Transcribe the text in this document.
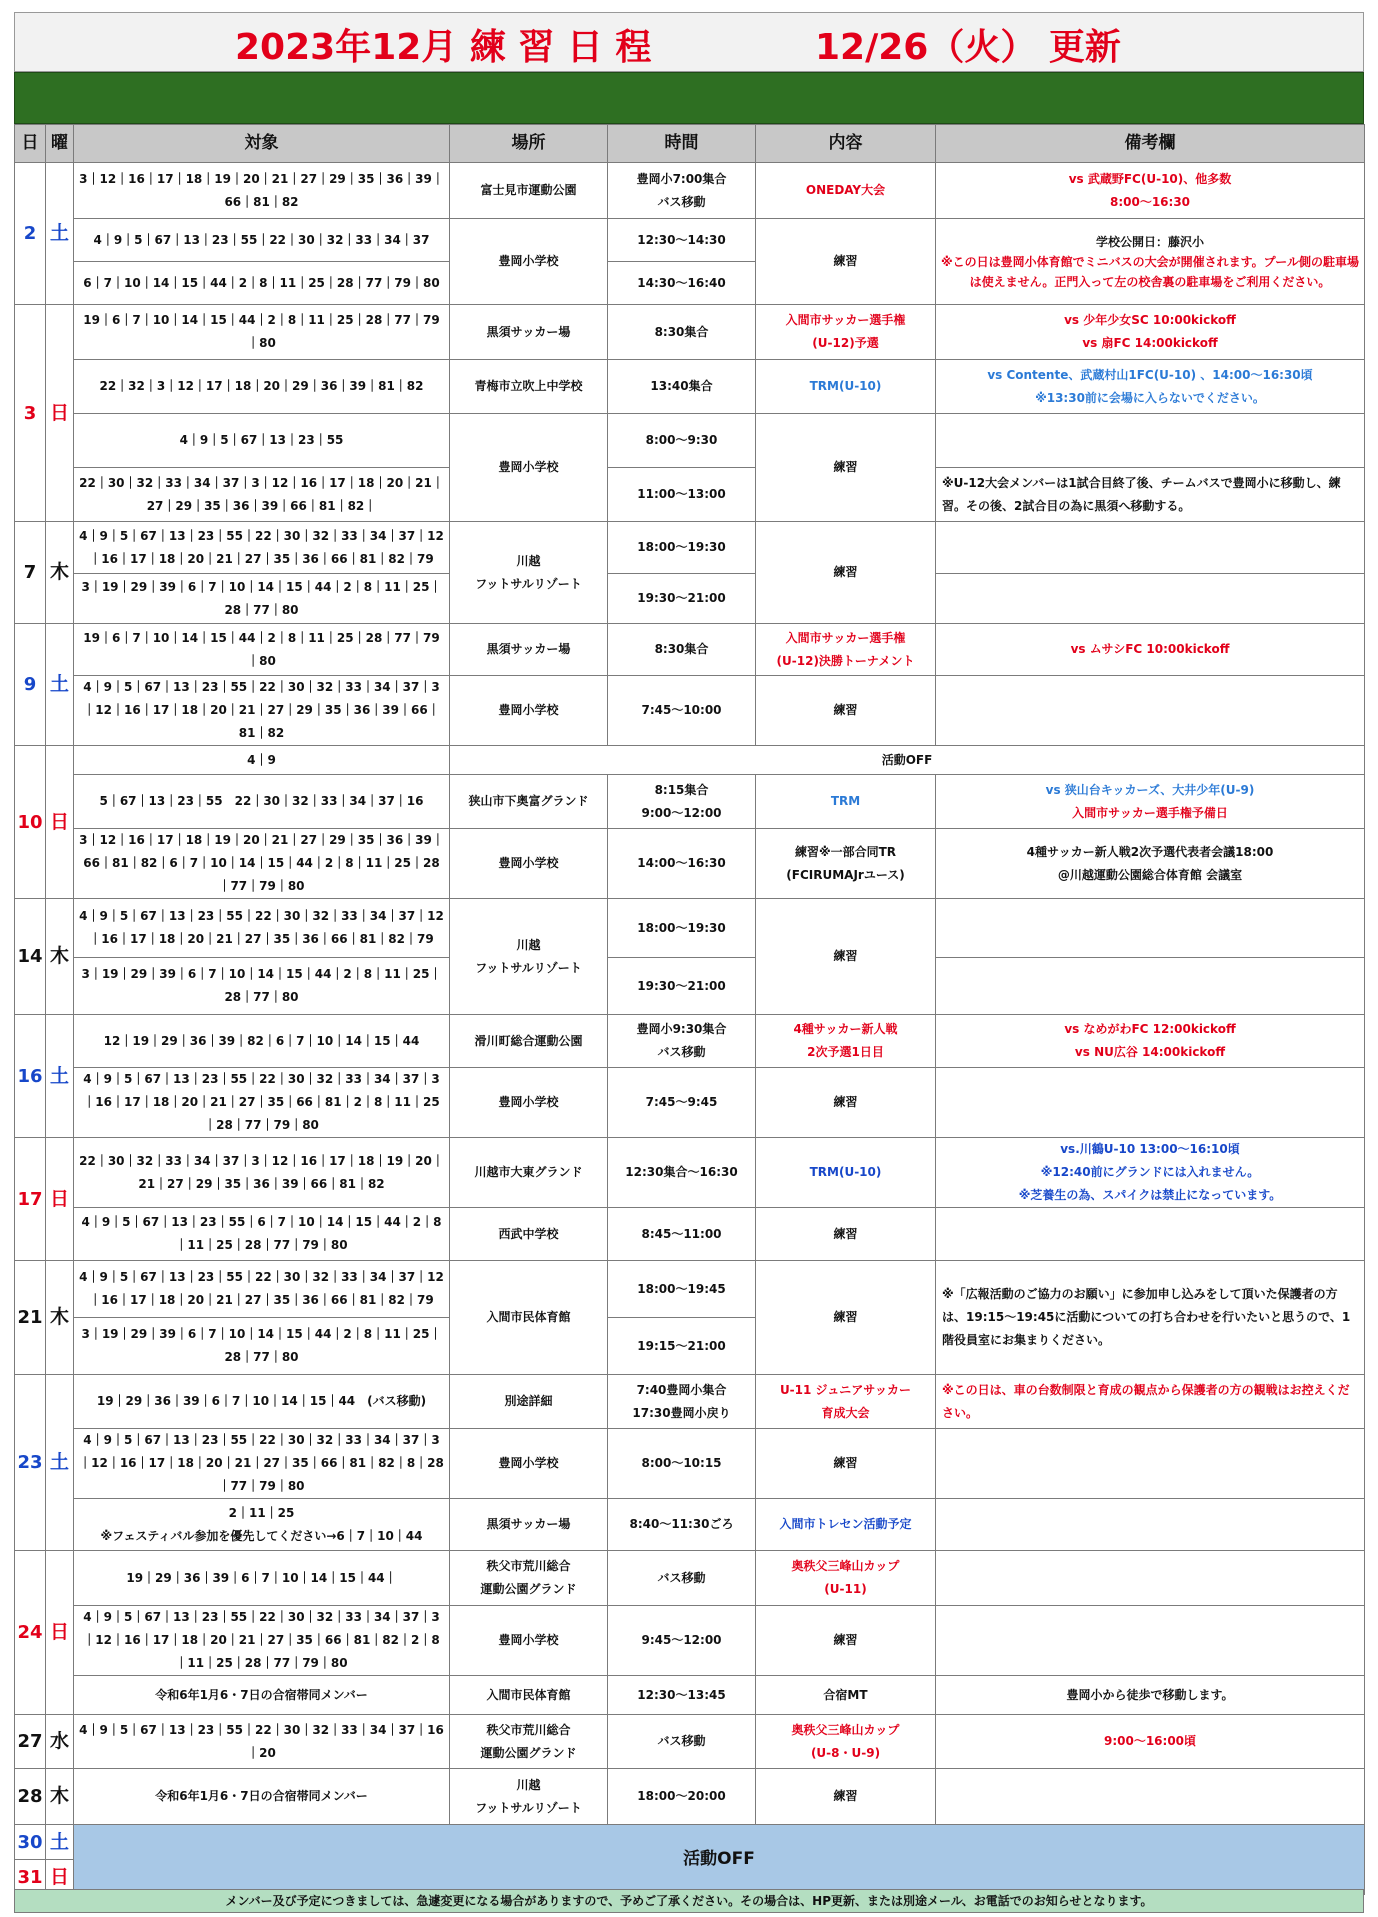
2023年12月 練 習 日 程	12/26（火） 更新
日	曜	対象	場所	時間	内容	備考欄
2	土	3｜12｜16｜17｜18｜19｜20｜21｜27｜29｜35｜36｜39｜
66｜81｜82	富士見市運動公園	豊岡小7:00集合
バス移動	ONEDAY大会	vs 武蔵野FC(U-10)、他多数
8:00〜16:30
		4｜9｜5｜67｜13｜23｜55｜22｜30｜32｜33｜34｜37	豊岡小学校	12:30〜14:30	練習	学校公開日：藤沢小
※この日は豊岡小体育館でミニバスの大会が開催されます。プール側の駐車場は使えません。正門入って左の校舎裏の駐車場をご利用ください。
		6｜7｜10｜14｜15｜44｜2｜8｜11｜25｜28｜77｜79｜80		14:30〜16:40		
3	日	19｜6｜7｜10｜14｜15｜44｜2｜8｜11｜25｜28｜77｜79
｜80	黒須サッカー場	8:30集合	入間市サッカー選手権
(U-12)予選	vs 少年少女SC 10:00kickoff
vs 扇FC 14:00kickoff
		22｜32｜3｜12｜17｜18｜20｜29｜36｜39｜81｜82	青梅市立吹上中学校	13:40集合	TRM(U-10)	vs Contente、武蔵村山1FC(U-10) 、14:00〜16:30頃
※13:30前に会場に入らないでください。
		4｜9｜5｜67｜13｜23｜55	豊岡小学校	8:00〜9:30	練習	
		22｜30｜32｜33｜34｜37｜3｜12｜16｜17｜18｜20｜21｜
27｜29｜35｜36｜39｜66｜81｜82｜		11:00〜13:00		※U-12大会メンバーは1試合目終了後、チームバスで豊岡小に移動し、練習。その後、2試合目の為に黒須へ移動する。
7	木	4｜9｜5｜67｜13｜23｜55｜22｜30｜32｜33｜34｜37｜12
｜16｜17｜18｜20｜21｜27｜35｜36｜66｜81｜82｜79	川越
フットサルリゾート	18:00〜19:30	練習	
		3｜19｜29｜39｜6｜7｜10｜14｜15｜44｜2｜8｜11｜25｜
28｜77｜80		19:30〜21:00		
9	土	19｜6｜7｜10｜14｜15｜44｜2｜8｜11｜25｜28｜77｜79
｜80	黒須サッカー場	8:30集合	入間市サッカー選手権
(U-12)決勝トーナメント	vs ムサシFC 10:00kickoff
		4｜9｜5｜67｜13｜23｜55｜22｜30｜32｜33｜34｜37｜3
｜12｜16｜17｜18｜20｜21｜27｜29｜35｜36｜39｜66｜
81｜82	豊岡小学校	7:45〜10:00	練習	
10	日	4｜9	活動OFF			
		5｜67｜13｜23｜55　22｜30｜32｜33｜34｜37｜16	狭山市下奥富グランド	8:15集合
9:00〜12:00	TRM	vs 狭山台キッカーズ、大井少年(U-9)
入間市サッカー選手権予備日
		3｜12｜16｜17｜18｜19｜20｜21｜27｜29｜35｜36｜39｜
66｜81｜82｜6｜7｜10｜14｜15｜44｜2｜8｜11｜25｜28
｜77｜79｜80	豊岡小学校	14:00〜16:30	練習※一部合同TR
(FCIRUMAJrユース)	4種サッカー新人戦2次予選代表者会議18:00
@川越運動公園総合体育館 会議室
14	木	4｜9｜5｜67｜13｜23｜55｜22｜30｜32｜33｜34｜37｜12
｜16｜17｜18｜20｜21｜27｜35｜36｜66｜81｜82｜79	川越
フットサルリゾート	18:00〜19:30	練習	
		3｜19｜29｜39｜6｜7｜10｜14｜15｜44｜2｜8｜11｜25｜
28｜77｜80		19:30〜21:00		
16	土	12｜19｜29｜36｜39｜82｜6｜7｜10｜14｜15｜44	滑川町総合運動公園	豊岡小9:30集合
バス移動	4種サッカー新人戦
2次予選1日目	vs なめがわFC 12:00kickoff
vs NU広谷 14:00kickoff
		4｜9｜5｜67｜13｜23｜55｜22｜30｜32｜33｜34｜37｜3
｜16｜17｜18｜20｜21｜27｜35｜66｜81｜2｜8｜11｜25
｜28｜77｜79｜80	豊岡小学校	7:45〜9:45	練習	
17	日	22｜30｜32｜33｜34｜37｜3｜12｜16｜17｜18｜19｜20｜
21｜27｜29｜35｜36｜39｜66｜81｜82	川越市大東グランド	12:30集合〜16:30	TRM(U-10)	vs.川鶴U-10 13:00〜16:10頃
※12:40前にグランドには入れません。
※芝養生の為、スパイクは禁止になっています。
		4｜9｜5｜67｜13｜23｜55｜6｜7｜10｜14｜15｜44｜2｜8
｜11｜25｜28｜77｜79｜80	西武中学校	8:45〜11:00	練習	
21	木	4｜9｜5｜67｜13｜23｜55｜22｜30｜32｜33｜34｜37｜12
｜16｜17｜18｜20｜21｜27｜35｜36｜66｜81｜82｜79	入間市民体育館	18:00〜19:45	練習	※「広報活動のご協力のお願い」に参加申し込みをして頂いた保護者の方は、19:15〜19:45に活動についての打ち合わせを行いたいと思うので、1階役員室にお集まりください。
		3｜19｜29｜39｜6｜7｜10｜14｜15｜44｜2｜8｜11｜25｜
28｜77｜80		19:15〜21:00		
23	土	19｜29｜36｜39｜6｜7｜10｜14｜15｜44　(バス移動)	別途詳細	7:40豊岡小集合
17:30豊岡小戻り	U-11 ジュニアサッカー
育成大会	※この日は、車の台数制限と育成の観点から保護者の方の観戦はお控えください。
		4｜9｜5｜67｜13｜23｜55｜22｜30｜32｜33｜34｜37｜3
｜12｜16｜17｜18｜20｜21｜27｜35｜66｜81｜82｜8｜28
｜77｜79｜80	豊岡小学校	8:00〜10:15	練習	
		2｜11｜25
※フェスティバル参加を優先してください→6｜7｜10｜44	黒須サッカー場	8:40〜11:30ごろ	入間市トレセン活動予定	
24	日	19｜29｜36｜39｜6｜7｜10｜14｜15｜44｜	秩父市荒川総合
運動公園グランド	バス移動	奥秩父三峰山カップ
(U-11)	
		4｜9｜5｜67｜13｜23｜55｜22｜30｜32｜33｜34｜37｜3
｜12｜16｜17｜18｜20｜21｜27｜35｜66｜81｜82｜2｜8
｜11｜25｜28｜77｜79｜80	豊岡小学校	9:45〜12:00	練習	
		令和6年1月6・7日の合宿帯同メンバー	入間市民体育館	12:30〜13:45	合宿MT	豊岡小から徒歩で移動します。
27	水	4｜9｜5｜67｜13｜23｜55｜22｜30｜32｜33｜34｜37｜16
｜20	秩父市荒川総合
運動公園グランド	バス移動	奥秩父三峰山カップ
(U-8・U-9)	9:00〜16:00頃
28	木	令和6年1月6・7日の合宿帯同メンバー	川越
フットサルリゾート	18:00〜20:00	練習	
30	土	活動OFF				
31	日					
メンバー及び予定につきましては、急遽変更になる場合がありますので、予めご了承ください。その場合は、HP更新、または別途メール、お電話でのお知らせとなります。
